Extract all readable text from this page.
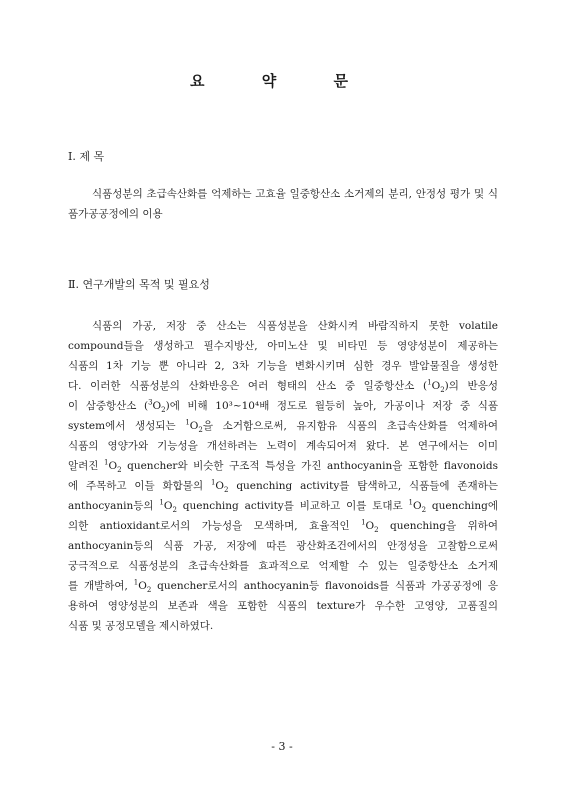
요 약 문
Ⅰ. 제 목

식품성분의 초급속산화를 억제하는 고효율 일중항산소 소거제의 분리, 안정성 평가 및 식품가공공정에의 이용

Ⅱ. 연구개발의 목적 및 필요성
식품의 가공, 저장 중 산소는 식품성분을 산화시켜 바람직하지 못한 volatile
compound들을 생성하고 필수지방산, 아미노산 및 비타민 등 영양성분이 제공하는
식품의 1차 기능 뿐 아니라 2, 3차 기능을 변화시키며 심한 경우 발암물질을 생성한
다. 이러한 식품성분의 산화반응은 여러 형태의 산소 중 일중항산소 $(^1O_2)$의 반응성
이 삼중항산소 $(^3O_2)$에 비해 10³~10⁴배 정도로 월등히 높아, 가공이나 저장 중 식품
system에서 생성되는 $^1O_2$을 소거함으로써, 유지함유 식품의 초급속산화를 억제하여
식품의 영양가와 기능성을 개선하려는 노력이 계속되어져 왔다. 본 연구에서는 이미
알려진 $^1O_2$ quencher와 비슷한 구조적 특성을 가진 anthocyanin을 포함한 flavonoids
에 주목하고 이들 화합물의 $^1O_2$ quenching activity를 탐색하고, 식품들에 존재하는
anthocyanin등의 $^1O_2$ quenching activity를 비교하고 이를 토대로 $^1O_2$ quenching에
의한 antioxidant로서의 가능성을 모색하며, 효율적인 $^1O_2$ quenching을 위하여
anthocyanin등의 식품 가공, 저장에 따른 광산화조건에서의 안정성을 고찰함으로써
궁극적으로 식품성분의 초급속산화를 효과적으로 억제할 수 있는 일중항산소 소거제
를 개발하여, $^1O_2$ quencher로서의 anthocyanin등 flavonoids를 식품과 가공공정에 응
용하여 영양성분의 보존과 색을 포함한 식품의 texture가 우수한 고영양, 고품질의
식품 및 공정모델을 제시하였다.
- 3 -
